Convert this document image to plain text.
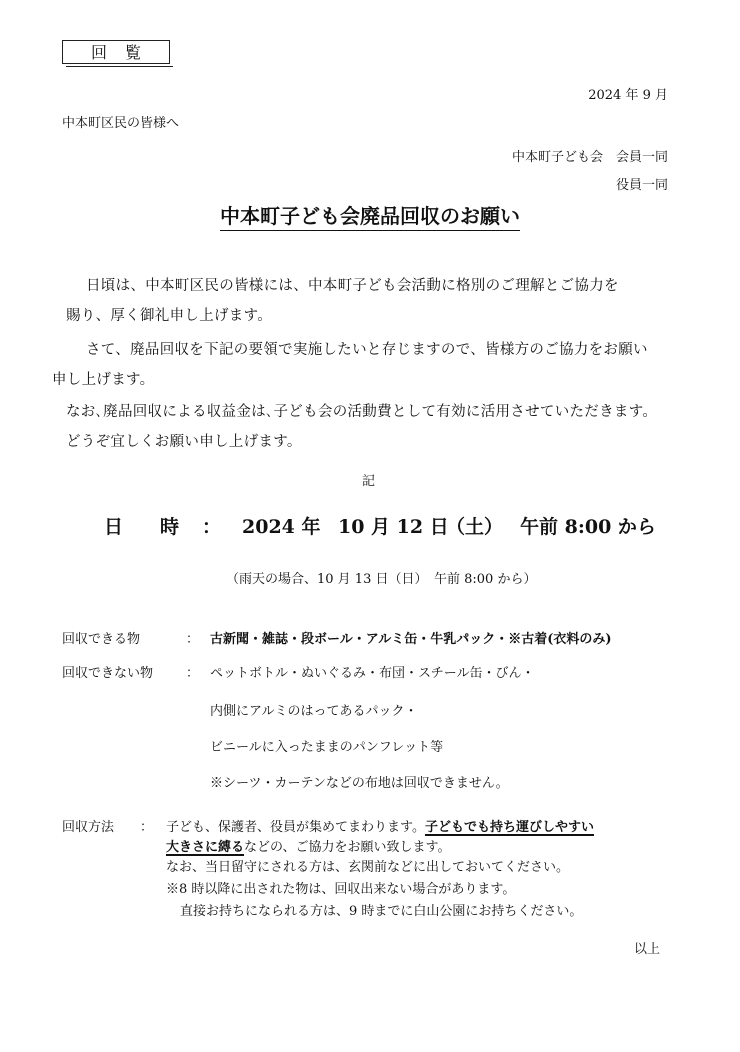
回覧
2024 年 9 月
中本町区民の皆様へ
中本町子ども会　会員一同
役員一同
中本町子ども会廃品回収のお願い
日頃は、中本町区民の皆様には、中本町子ども会活動に格別のご理解とご協力を
賜り、厚く御礼申し上げます。
さて、廃品回収を下記の要領で実施したいと存じますので、皆様方のご協力をお願い
申し上げます。
なお､廃品回収による収益金は､子ども会の活動費として有効に活用させていただきます。
どうぞ宜しくお願い申し上げます。
記
日 時 ： 2024 年 10 月 12 日
（土） 午前 8:00 から
（雨天の場合、10 月 13 日（日）　午前 8:00 から）
回収できる物	： 古新聞・雑誌・段ボール・アルミ缶・牛乳パック・※古着(衣料のみ)
回収できない物	： ペットボトル・ぬいぐるみ・布団・スチール缶・びん・
内側にアルミのはってあるパック・
ビニールに入ったままのパンフレット等
※シーツ・カーテンなどの布地は回収できません。
回収方法 ： 子ども、保護者、役員が集めてまわります。子どもでも持ち運びしやすい
大きさに縛るなどの、ご協力をお願い致します。
なお、当日留守にされる方は、玄関前などに出しておいてください。
※8 時以降に出された物は、回収出来ない場合があります。
直接お持ちになられる方は、9 時までに白山公園にお持ちください。
以上
